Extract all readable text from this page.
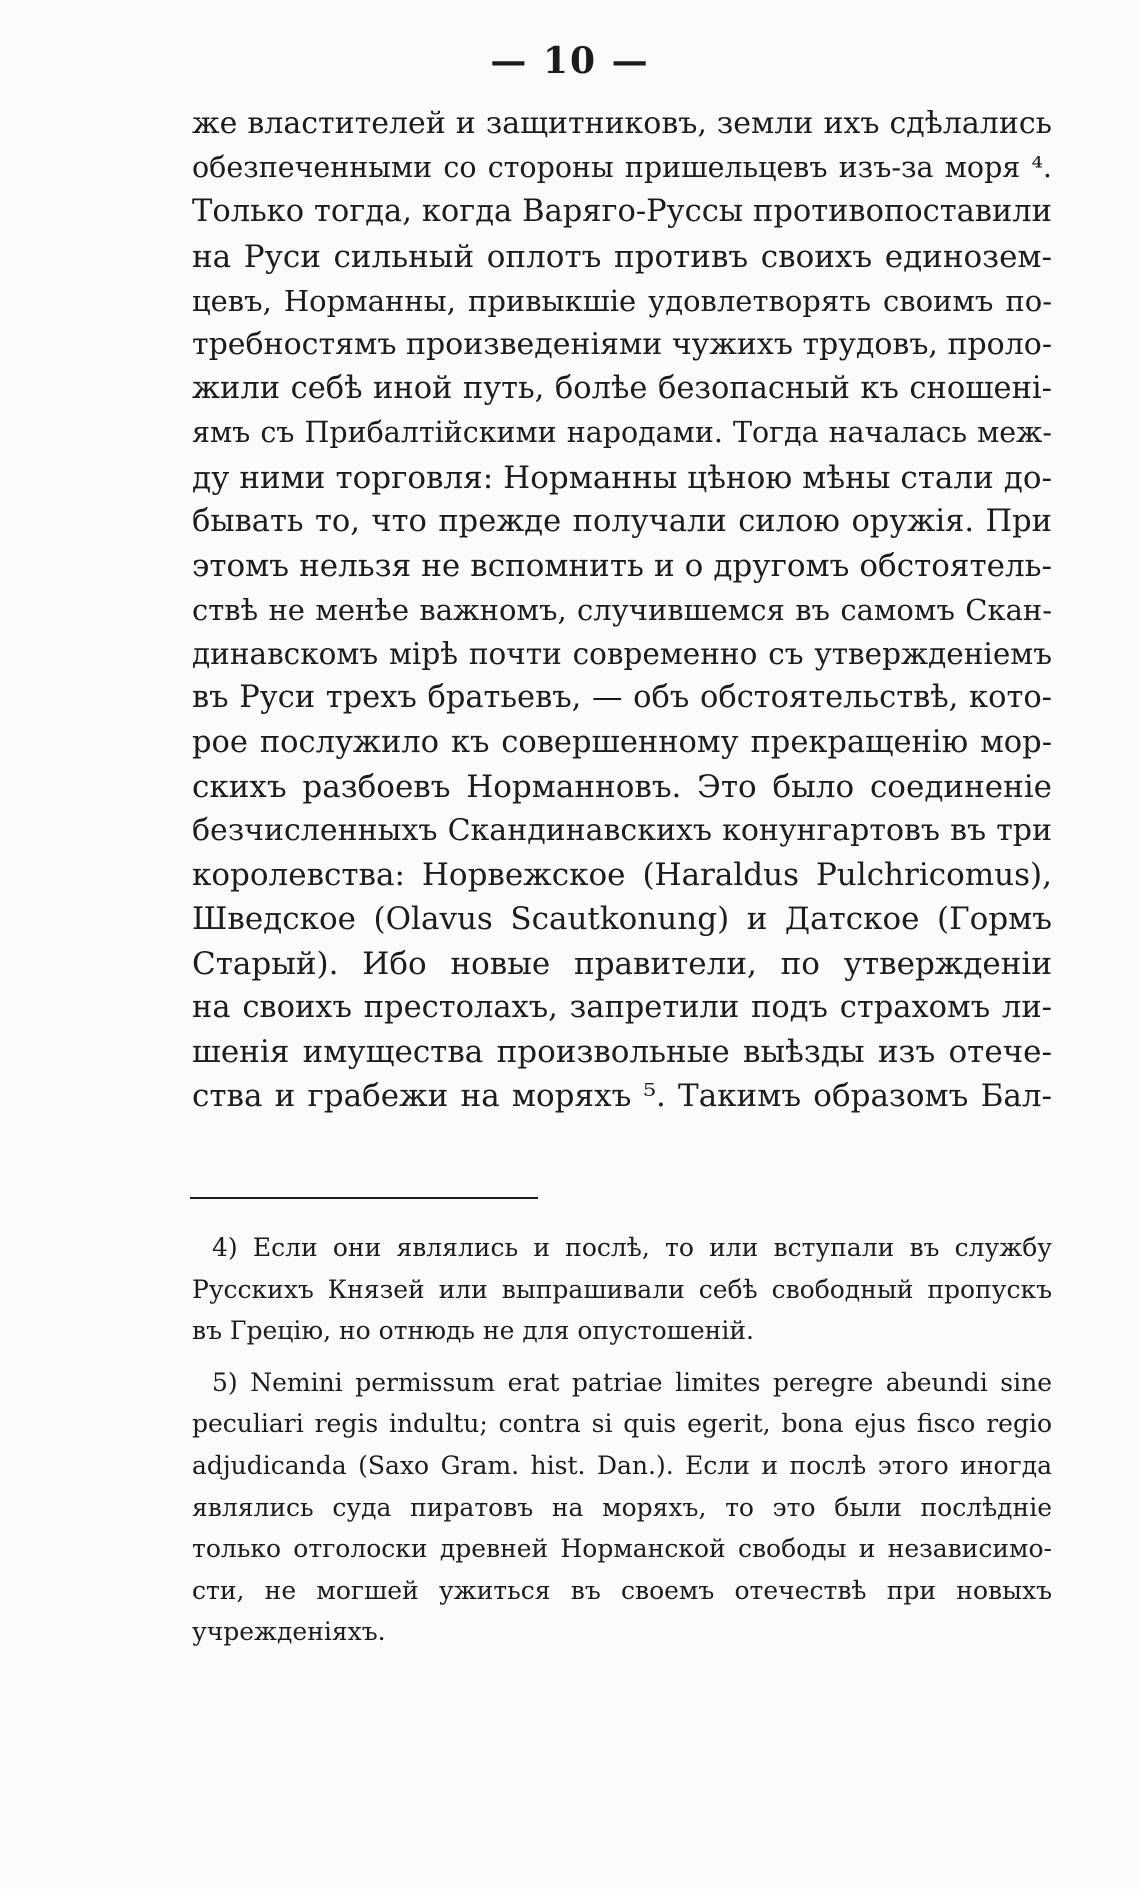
— 10 —
же властителей и защитниковъ, земли ихъ сдѣлались
обезпеченными со стороны пришельцевъ изъ-за моря ⁴.
Только тогда, когда Варяго-Руссы противопоставили
на Руси сильный оплотъ противъ своихъ единозем-
цевъ, Норманны, привыкшіе удовлетворять своимъ по-
требностямъ произведеніями чужихъ трудовъ, проло-
жили себѣ иной путь, болѣе безопасный къ сношені-
ямъ съ Прибалтійскими народами. Тогда началась меж-
ду ними торговля: Норманны цѣною мѣны стали до-
бывать то, что прежде получали силою оружія. При
этомъ нельзя не вспомнить и о другомъ обстоятель-
ствѣ не менѣе важномъ, случившемся въ самомъ Скан-
динавскомъ мірѣ почти современно съ утвержденіемъ
въ Руси трехъ братьевъ, — объ обстоятельствѣ, кото-
рое послужило къ совершенному прекращенію мор-
скихъ разбоевъ Норманновъ. Это было соединеніе
безчисленныхъ Скандинавскихъ конунгартовъ въ три
королевства: Норвежское (Haraldus Pulchricomus),
Шведское (Olavus Scautkonung) и Датское (Гормъ
Старый). Ибо новые правители, по утвержденіи
на своихъ престолахъ, запретили подъ страхомъ ли-
шенія имущества произвольные выѣзды изъ отече-
ства и грабежи на моряхъ ⁵. Такимъ образомъ Бал-
4) Если они являлись и послѣ, то или вступали въ службу
Русскихъ Князей или выпрашивали себѣ свободный пропускъ
въ Грецію, но отнюдь не для опустошеній.
5) Nemini permissum erat patriae limites peregre abeundi sine
peculiari regis indultu; contra si quis egerit, bona ejus fisco regio
adjudicanda (Saxo Gram. hist. Dan.). Если и послѣ этого иногда
являлись суда пиратовъ на моряхъ, то это были послѣдніе
только отголоски древней Норманской свободы и независимо-
сти, не могшей ужиться въ своемъ отечествѣ при новыхъ
учрежденіяхъ.
